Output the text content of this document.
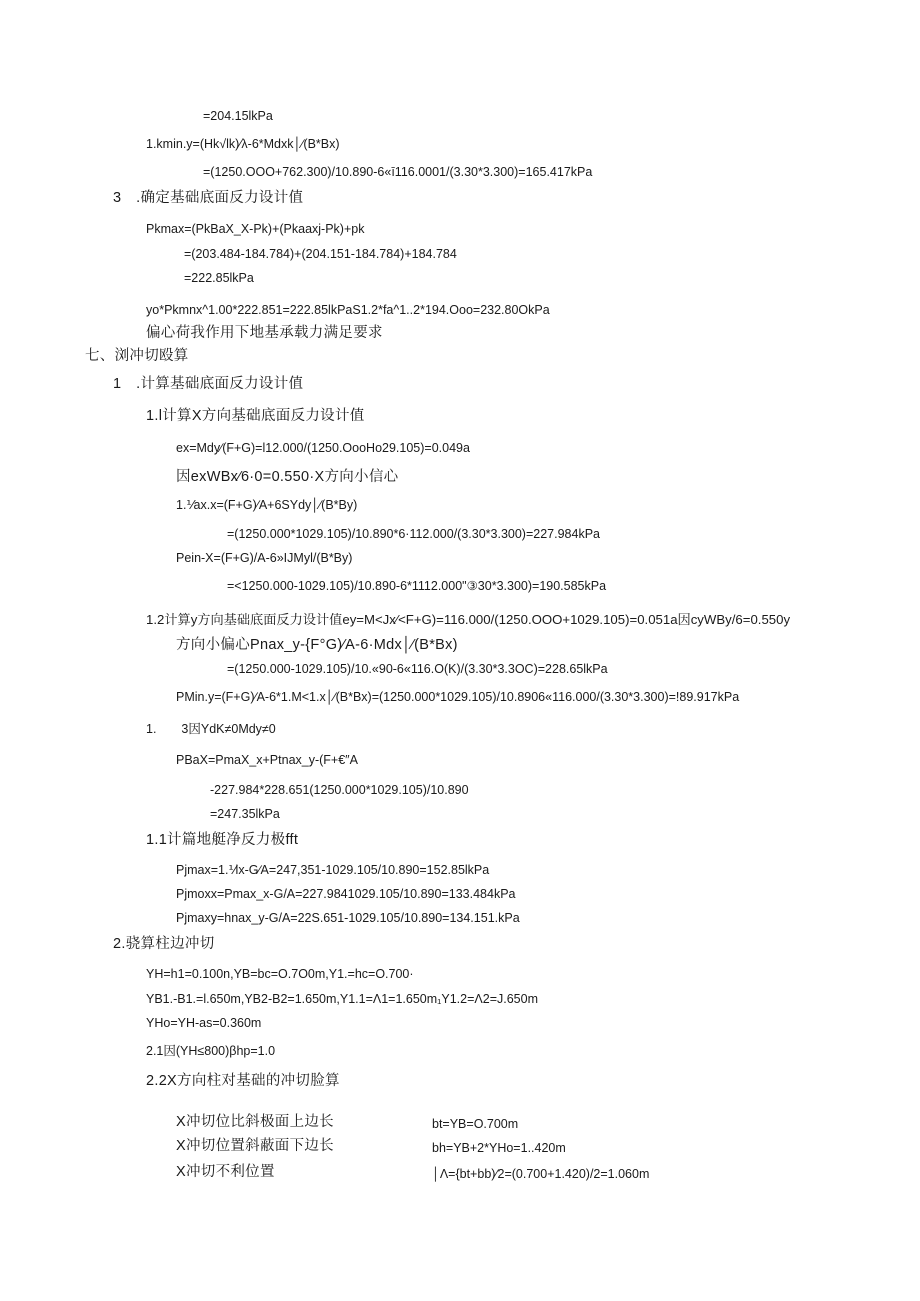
=204.15lkPa
1.kmin.y=(Hk√lk)∕λ-6*Mdxk│∕(B*Bx)
=(1250.OOO+762.300)/10.890-6«ī116.0001/(3.30*3.300)=165.417kPa
3　.确定基础底面反力设计值
Pkmax=(PkBaX_X-Pk)+(Pkaaxj-Pk)+pk
=(203.484-184.784)+(204.151-184.784)+184.784
=222.85lkPa
yo*Pkmnx^1.00*222.851=222.85lkPaS1.2*fa^1..2*194.Ooo=232.80OkPa
偏心荷我作用下地基承载力满足要求
七、浏冲切殴算
1　.计算基础底面反力设计值
1.l计算X方向基础底面反力设计值
ex=Mdy∕(F+G)=l12.000/(1250.OooHo29.105)=0.049a
因exWBx∕6·0=0.550·X方向小信心
1.⅟ax.x=(F+G)∕A+6SYdy│∕(B*By)
=(1250.000*1029.105)/10.890*6·112.000/(3.30*3.300)=227.984kPa
Pein-X=(F+G)/A-6»IJMyl/(B*By)
=<1250.000-1029.105)/10.890-6*1112.000"③30*3.300)=190.585kPa
1.2计算y方向基础底面反力设计值ey=M<Jx⁄<F+G)=116.000/(1250.OOO+1029.105)=0.051a因cyWBy/6=0.550y
方向小偏心Pnax_y-{F°G)∕A-6·Mdx│∕(B*Bx)
=(1250.000-1029.105)/10.«90-6«116.O(K)/(3.30*3.3OC)=228.65lkPa
PMin.y=(F+G)∕A-6*1.M<1.x│∕(B*Bx)=(1250.000*1029.105)/10.8906«116.000/(3.30*3.300)=!89.917kPa
1.　　3因YdK≠0Mdy≠0
PBaX=PmaX_x+Ptnax_y-(F+€″A
-227.984*228.651(1250.000*1029.105)/10.890
=247.35lkPa
1.1计篇地艇净反力极fft
Pjmax=1.⅟lx-G∕A=247,351-1029.105/10.890=152.85lkPa
Pjmoxx=Pmax_x-G/A=227.9841029.105/10.890=133.484kPa
Pjmaxy=hnax_y-G/A=22S.651-1029.105/10.890=134.151.kPa
2.骁算柱边冲切
YH=h1=0.100n,YB=bc=O.7O0m,Y1.=hc=O.700·
YB1.-B1.=l.650m,YB2-B2=1.650m,Y1.1=Λ1=1.650m₁Y1.2=Λ2=J.650m
YHo=YH-as=0.360m
2.1因(YH≤800)βhp=1.0
2.2X方向柱对基础的冲切脸算
X冲切位比斜极面上边长	bt=YB=O.700m
X冲切位置斜蔽面下边长	bh=YB+2*YHo=1..420m
X冲切不利位置	│Λ={bt+bb)∕2=(0.700+1.420)/2=1.060m
